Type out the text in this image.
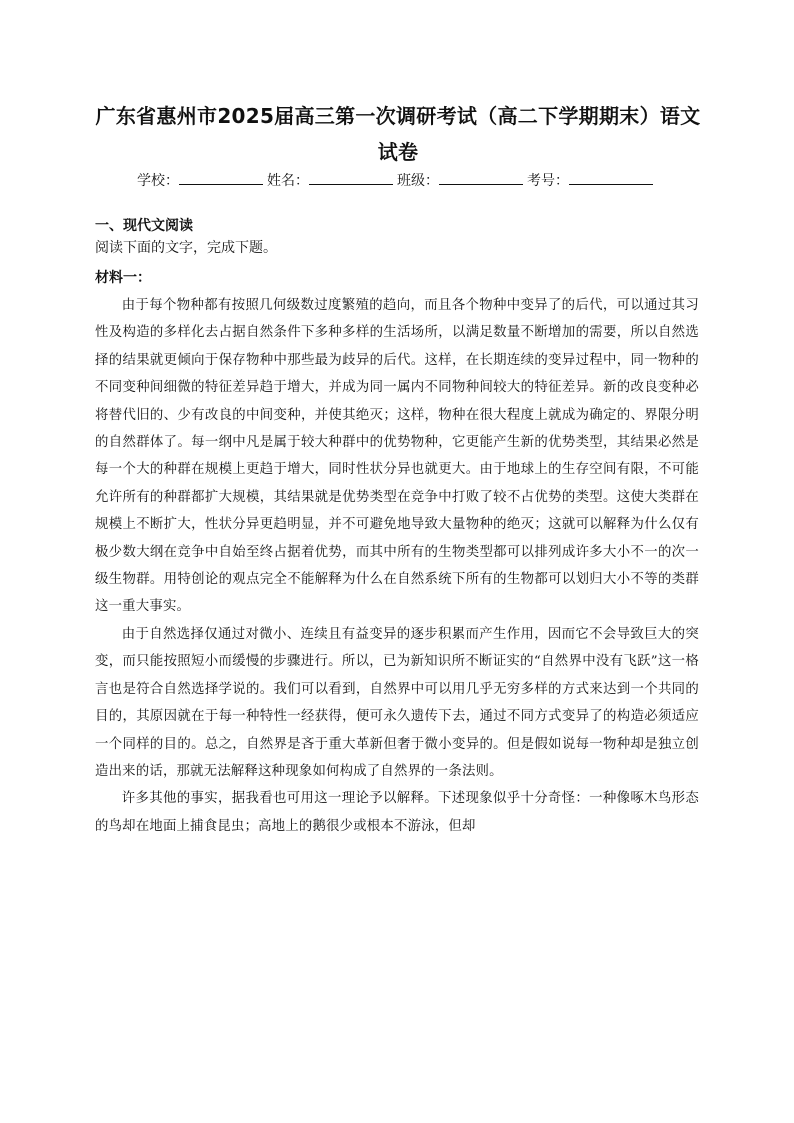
广东省惠州市2025届高三第一次调研考试（高二下学期期末）语文试卷
学校：	姓名：	班级：	考号：
一、现代文阅读
阅读下面的文字，完成下题。
材料一：

由于每个物种都有按照几何级数过度繁殖的趋向，而且各个物种中变异了的后代，可以通过其习性及构造的多样化去占据自然条件下多种多样的生活场所，以满足数量不断增加的需要，所以自然选择的结果就更倾向于保存物种中那些最为歧异的后代。这样，在长期连续的变异过程中，同一物种的不同变种间细微的特征差异趋于增大，并成为同一属内不同物种间较大的特征差异。新的改良变种必将替代旧的、少有改良的中间变种，并使其绝灭；这样，物种在很大程度上就成为确定的、界限分明的自然群体了。每一纲中凡是属于较大种群中的优势物种，它更能产生新的优势类型，其结果必然是每一个大的种群在规模上更趋于增大，同时性状分异也就更大。由于地球上的生存空间有限，不可能允许所有的种群都扩大规模，其结果就是优势类型在竞争中打败了较不占优势的类型。这使大类群在规模上不断扩大，性状分异更趋明显，并不可避免地导致大量物种的绝灭；这就可以解释为什么仅有极少数大纲在竞争中自始至终占据着优势，而其中所有的生物类型都可以排列成许多大小不一的次一级生物群。用特创论的观点完全不能解释为什么在自然系统下所有的生物都可以划归大小不等的类群这一重大事实。

由于自然选择仅通过对微小、连续且有益变异的逐步积累而产生作用，因而它不会导致巨大的突变，而只能按照短小而缓慢的步骤进行。所以，已为新知识所不断证实的“自然界中没有飞跃”这一格言也是符合自然选择学说的。我们可以看到，自然界中可以用几乎无穷多样的方式来达到一个共同的目的，其原因就在于每一种特性一经获得，便可永久遗传下去，通过不同方式变异了的构造必须适应一个同样的目的。总之，自然界是吝于重大革新但奢于微小变异的。但是假如说每一物种却是独立创造出来的话，那就无法解释这种现象如何构成了自然界的一条法则。

许多其他的事实，据我看也可用这一理论予以解释。下述现象似乎十分奇怪：一种像啄木鸟形态的鸟却在地面上捕食昆虫；高地上的鹅很少或根本不游泳，但却
